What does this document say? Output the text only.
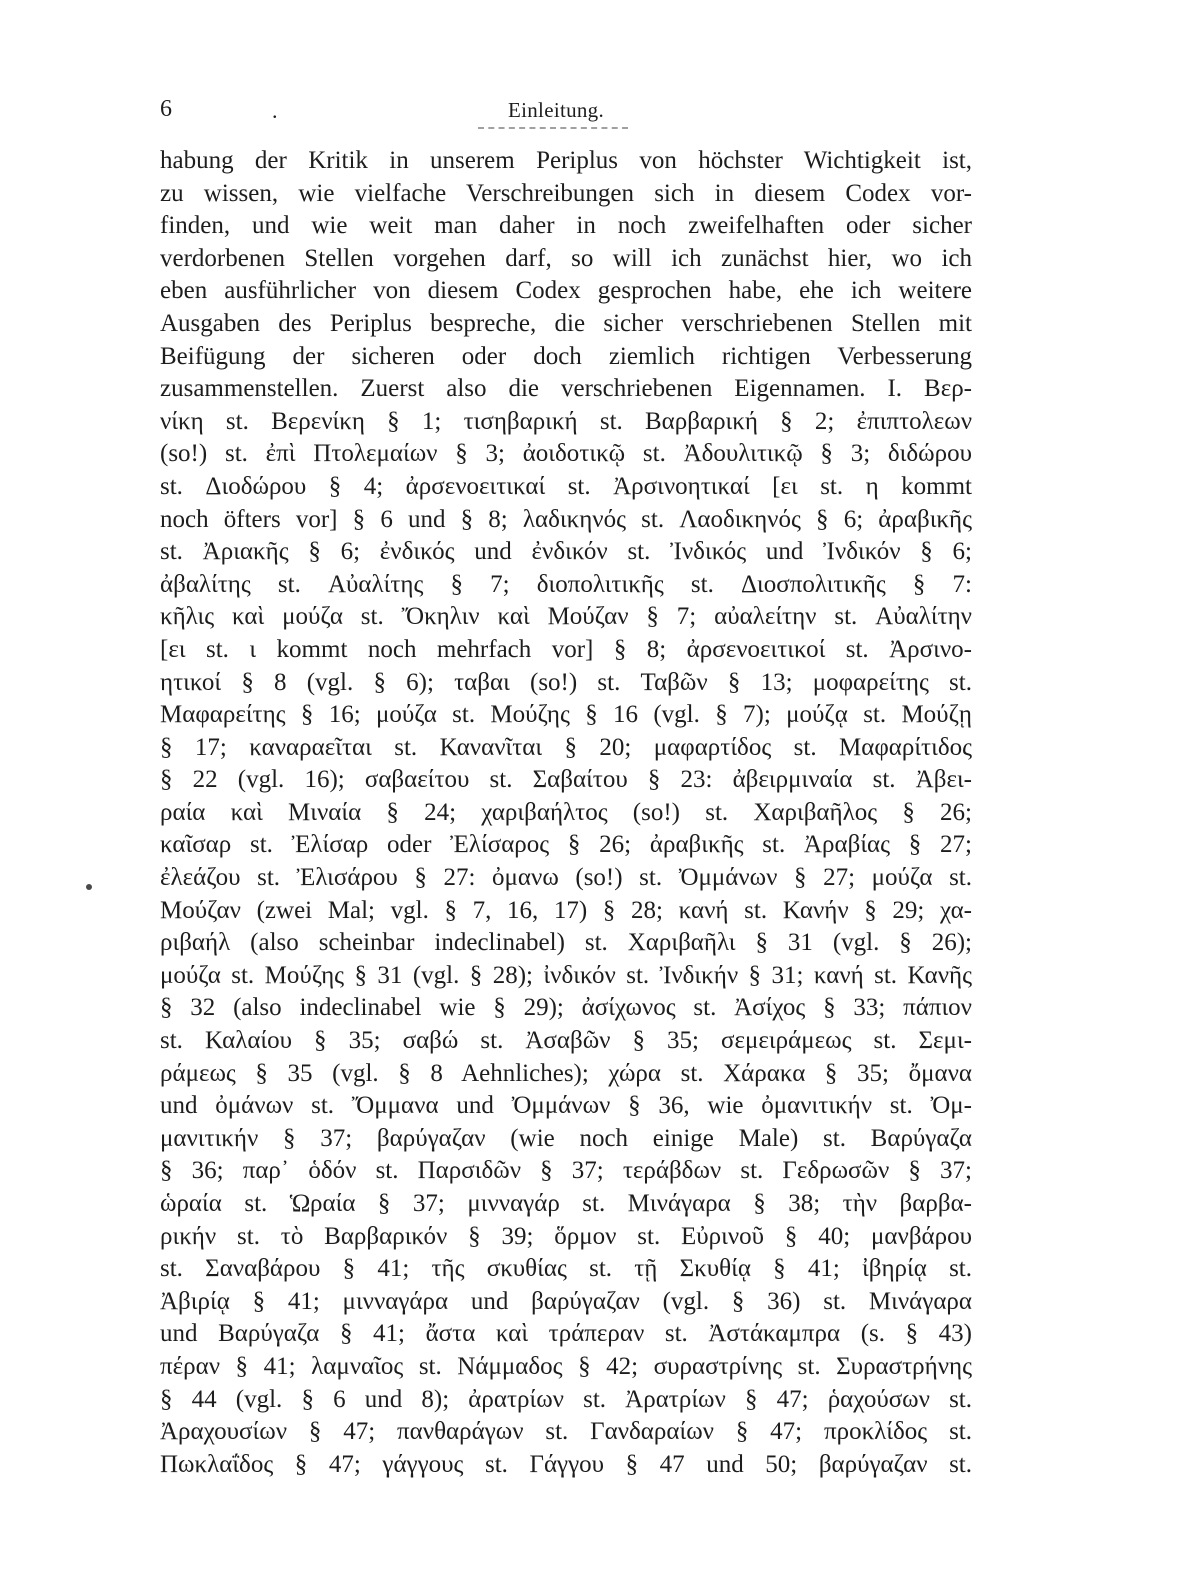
6	.	Einleitung.
habung der Kritik in unserem Periplus von höchster Wichtigkeit ist,
zu wissen, wie vielfache Verschreibungen sich in diesem Codex vor-
finden, und wie weit man daher in noch zweifelhaften oder sicher
verdorbenen Stellen vorgehen darf, so will ich zunächst hier, wo ich
eben ausführlicher von diesem Codex gesprochen habe, ehe ich weitere
Ausgaben des Periplus bespreche, die sicher verschriebenen Stellen mit
Beifügung der sicheren oder doch ziemlich richtigen Verbesserung
zusammenstellen. Zuerst also die verschriebenen Eigennamen. I. Βερ-
νίκη st. Βερενίκη § 1; τισηβαρική st. Βαρβαρική § 2; ἐπιπτολεων
(so!) st. ἐπὶ Πτολεμαίων § 3; ἀοιδοτικῷ st. Ἀδουλιτικῷ § 3; διδώρου
st. Διοδώρου § 4; ἀρσενοειτικαί st. Ἀρσινοητικαί [ει st. η kommt
noch öfters vor] § 6 und § 8; λαδικηνός st. Λαοδικηνός § 6; ἀραβικῆς
st. Ἀριακῆς § 6; ἐνδικός und ἐνδικόν st. Ἰνδικός und Ἰνδικόν § 6;
ἀβαλίτης st. Αὐαλίτης § 7; διοπολιτικῆς st. Διοσπολιτικῆς § 7:
κῆλις καὶ μούζα st. Ὄκηλιν καὶ Μούζαν § 7; αὐαλείτην st. Αὐαλίτην
[ει st. ι kommt noch mehrfach vor] § 8; ἀρσενοειτικοί st. Ἀρσινο-
ητικοί § 8 (vgl. § 6); ταβαι (so!) st. Ταβῶν § 13; μοφαρείτης st.
Μαφαρείτης § 16; μούζα st. Μούζης § 16 (vgl. § 7); μούζᾳ st. Μούζῃ
§ 17; καναραεῖται st. Κανανῖται § 20; μαφαρτίδος st. Μαφαρίτιδος
§ 22 (vgl. 16); σαβαείτου st. Σαβαίτου § 23: ἀβειρμιναία st. Ἀβει-
ραία καὶ Μιναία § 24; χαριβαήλτος (so!) st. Χαριβαῆλος § 26;
καῖσαρ st. Ἐλίσαρ oder Ἐλίσαρος § 26; ἀραβικῆς st. Ἀραβίας § 27;
ἐλεάζου st. Ἐλισάρου § 27: ὀμανω (so!) st. Ὀμμάνων § 27; μούζα st.
Μούζαν (zwei Mal; vgl. § 7, 16, 17) § 28; κανή st. Κανήν § 29; χα-
ριβαήλ (also scheinbar indeclinabel) st. Χαριβαῆλι § 31 (vgl. § 26);
μούζα st. Μούζης § 31 (vgl. § 28); ἰνδικόν st. Ἰνδικήν § 31; κανή st. Κανῆς
§ 32 (also indeclinabel wie § 29); ἀσίχωνος st. Ἀσίχος § 33; πάπιον
st. Καλαίου § 35; σαβώ st. Ἀσαβῶν § 35; σεμειράμεως st. Σεμι-
ράμεως § 35 (vgl. § 8 Aehnliches); χώρα st. Χάρακα § 35; ὄμανα
und ὀμάνων st. Ὄμμανα und Ὀμμάνων § 36, wie ὀμανιτικήν st. Ὀμ-
μανιτικήν § 37; βαρύγαζαν (wie noch einige Male) st. Βαρύγαζα
§ 36; παρ᾽ ὁδόν st. Παρσιδῶν § 37; τεράβδων st. Γεδρωσῶν § 37;
ὡραία st. Ὡραία § 37; μινναγάρ st. Μινάγαρα § 38; τὴν βαρβα-
ρικήν st. τὸ Βαρβαρικόν § 39; ὅρμον st. Εὐρινοῦ § 40; μανβάρου
st. Σαναβάρου § 41; τῆς σκυθίας st. τῇ Σκυθίᾳ § 41; ἰβηρίᾳ st.
Ἀβιρίᾳ § 41; μινναγάρα und βαρύγαζαν (vgl. § 36) st. Μινάγαρα
und Βαρύγαζα § 41; ἄστα καὶ τράπεραν st. Ἀστάκαμπρα (s. § 43)
πέραν § 41; λαμναῖος st. Νάμμαδος § 42; συραστρίνης st. Συραστρήνης
§ 44 (vgl. § 6 und 8); ἀρατρίων st. Ἀρατρίων § 47; ῥαχούσων st.
Ἀραχουσίων § 47; πανθαράγων st. Γανδαραίων § 47; προκλίδος st.
Πωκλαΐδος § 47; γάγγους st. Γάγγου § 47 und 50; βαρύγαζαν st.
